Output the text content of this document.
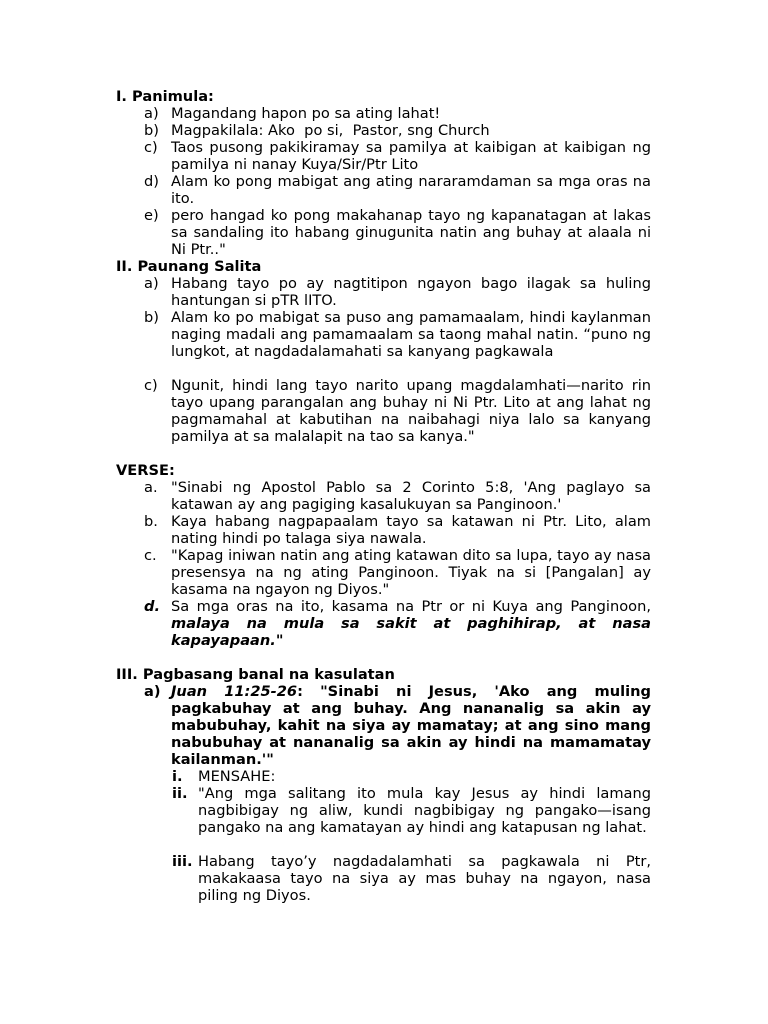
I. Panimula:
a) Magandang hapon po sa ating lahat!
b) Magpakilala: Ako  po si,  Pastor, sng Church
c) Taos pusong pakikiramay sa pamilya at kaibigan at kaibigan ng pamilya ni nanay Kuya/Sir/Ptr Lito
d) Alam ko pong mabigat ang ating nararamdaman sa mga oras na ito.
e) pero hangad ko pong makahanap tayo ng kapanatagan at lakas sa sandaling ito habang ginugunita natin ang buhay at alaala ni Ni Ptr.."
II. Paunang Salita
a) Habang tayo po ay nagtitipon ngayon bago ilagak sa huling hantungan si pTR lITO.
b) Alam ko po mabigat sa puso ang pamamaalam, hindi kaylanman naging madali ang pamamaalam sa taong mahal natin. “puno ng lungkot, at nagdadalamahati sa kanyang pagkawala
c) Ngunit, hindi lang tayo narito upang magdalamhati—narito rin tayo upang parangalan ang buhay ni Ni Ptr. Lito at ang lahat ng pagmamahal at kabutihan na naibahagi niya lalo sa kanyang pamilya at sa malalapit na tao sa kanya."
VERSE:
a. "Sinabi ng Apostol Pablo sa 2 Corinto 5:8, 'Ang paglayo sa katawan ay ang pagiging kasalukuyan sa Panginoon.'
b. Kaya habang nagpapaalam tayo sa katawan ni Ptr. Lito, alam nating hindi po talaga siya nawala.
c. "Kapag iniwan natin ang ating katawan dito sa lupa, tayo ay nasa presensya na ng ating Panginoon. Tiyak na si [Pangalan] ay kasama na ngayon ng Diyos."
d. Sa mga oras na ito, kasama na Ptr or ni Kuya ang Panginoon, malaya na mula sa sakit at paghihirap, at nasa kapayapaan."
III. Pagbasang banal na kasulatan
a) Juan 11:25-26: "Sinabi ni Jesus, 'Ako ang muling pagkabuhay at ang buhay. Ang nananalig sa akin ay mabubuhay, kahit na siya ay mamatay; at ang sino mang nabubuhay at nananalig sa akin ay hindi na mamamatay kailanman.'"
i.	MENSAHE:
ii. "Ang mga salitang ito mula kay Jesus ay hindi lamang nagbibigay ng aliw, kundi nagbibigay ng pangako—isang pangako na ang kamatayan ay hindi ang katapusan ng lahat.
iii. Habang tayo’y nagdadalamhati sa pagkawala ni Ptr, makakaasa tayo na siya ay mas buhay na ngayon, nasa piling ng Diyos.
